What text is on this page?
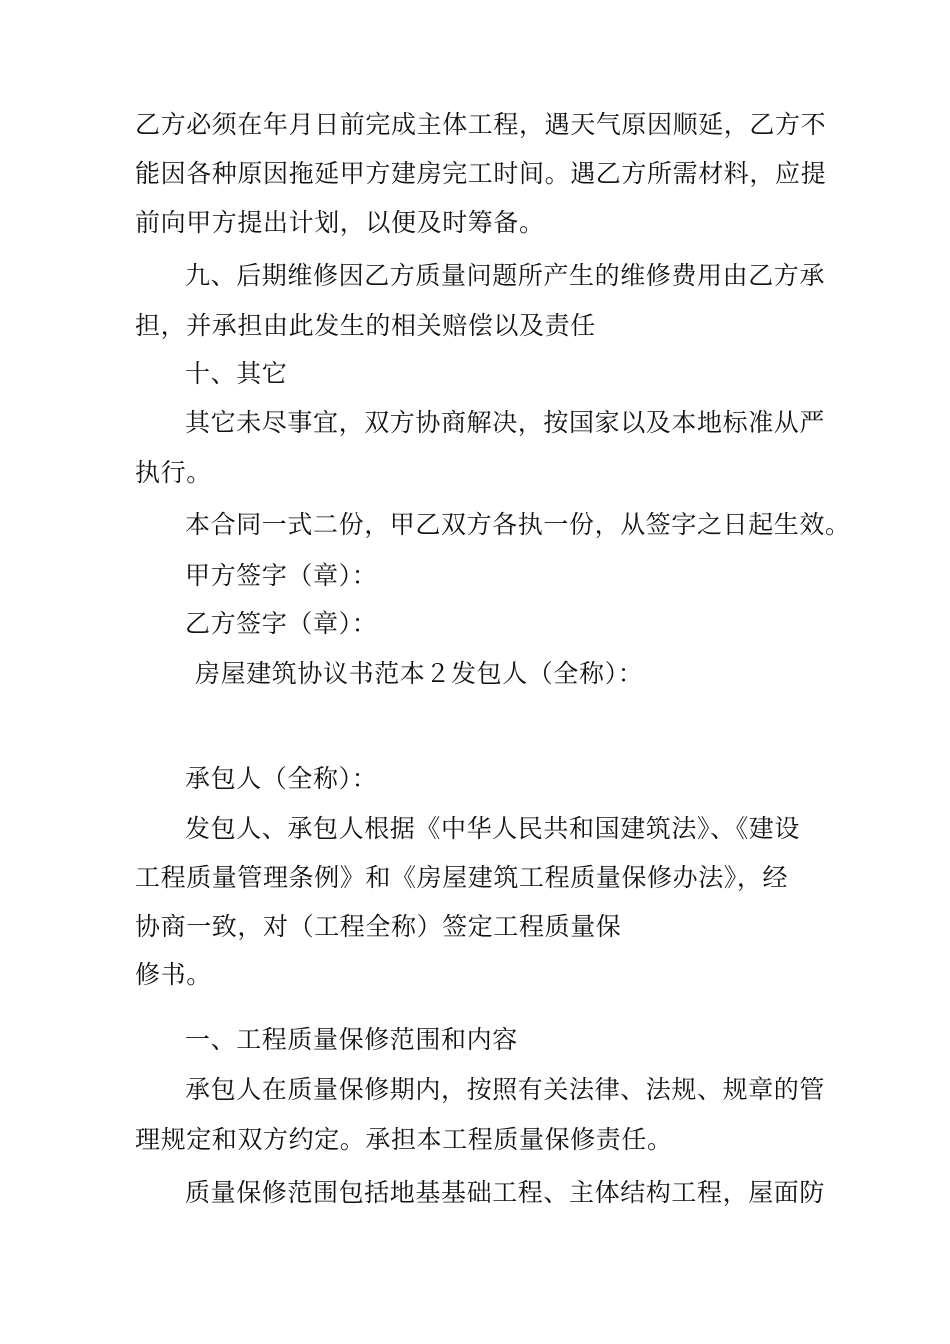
乙方必须在年月日前完成主体工程，遇天气原因顺延，乙方不
能因各种原因拖延甲方建房完工时间。遇乙方所需材料，应提
前向甲方提出计划，以便及时筹备。
九、后期维修因乙方质量问题所产生的维修费用由乙方承
担，并承担由此发生的相关赔偿以及责任
十、其它
其它未尽事宜，双方协商解决，按国家以及本地标准从严
执行。
本合同一式二份，甲乙双方各执一份，从签字之日起生效。
甲方签字（章）：
乙方签字（章）：
房屋建筑协议书范本２发包人（全称）：
承包人（全称）：
发包人、承包人根据《中华人民共和国建筑法》、《建设
工程质量管理条例》和《房屋建筑工程质量保修办法》，经
协商一致，对（工程全称）签定工程质量保
修书。
一、工程质量保修范围和内容
承包人在质量保修期内，按照有关法律、法规、规章的管
理规定和双方约定。承担本工程质量保修责任。
质量保修范围包括地基基础工程、主体结构工程，屋面防
